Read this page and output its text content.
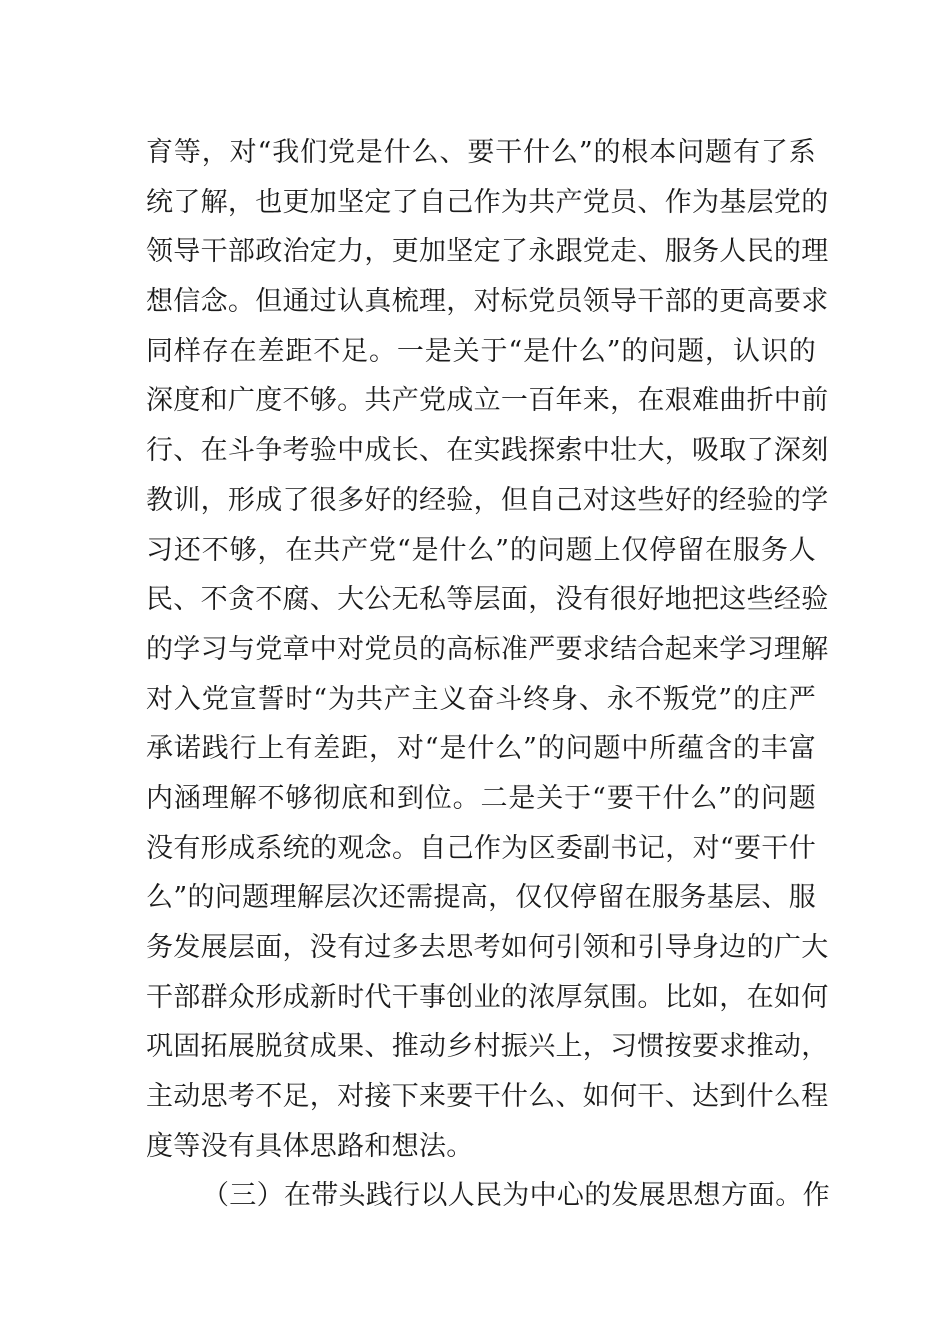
育等，对“我们党是什么、要干什么”的根本问题有了系
统了解，也更加坚定了自己作为共产党员、作为基层党的
领导干部政治定力，更加坚定了永跟党走、服务人民的理
想信念。但通过认真梳理，对标党员领导干部的更高要求
同样存在差距不足。一是关于“是什么”的问题，认识的
深度和广度不够。共产党成立一百年来，在艰难曲折中前
行、在斗争考验中成长、在实践探索中壮大，吸取了深刻
教训，形成了很多好的经验，但自己对这些好的经验的学
习还不够，在共产党“是什么”的问题上仅停留在服务人
民、不贪不腐、大公无私等层面，没有很好地把这些经验
的学习与党章中对党员的高标准严要求结合起来学习理解
对入党宣誓时“为共产主义奋斗终身、永不叛党”的庄严
承诺践行上有差距，对“是什么”的问题中所蕴含的丰富
内涵理解不够彻底和到位。二是关于“要干什么”的问题
没有形成系统的观念。自己作为区委副书记，对“要干什
么”的问题理解层次还需提高，仅仅停留在服务基层、服
务发展层面，没有过多去思考如何引领和引导身边的广大
干部群众形成新时代干事创业的浓厚氛围。比如，在如何
巩固拓展脱贫成果、推动乡村振兴上，习惯按要求推动，
主动思考不足，对接下来要干什么、如何干、达到什么程
度等没有具体思路和想法。
（三）在带头践行以人民为中心的发展思想方面。作
